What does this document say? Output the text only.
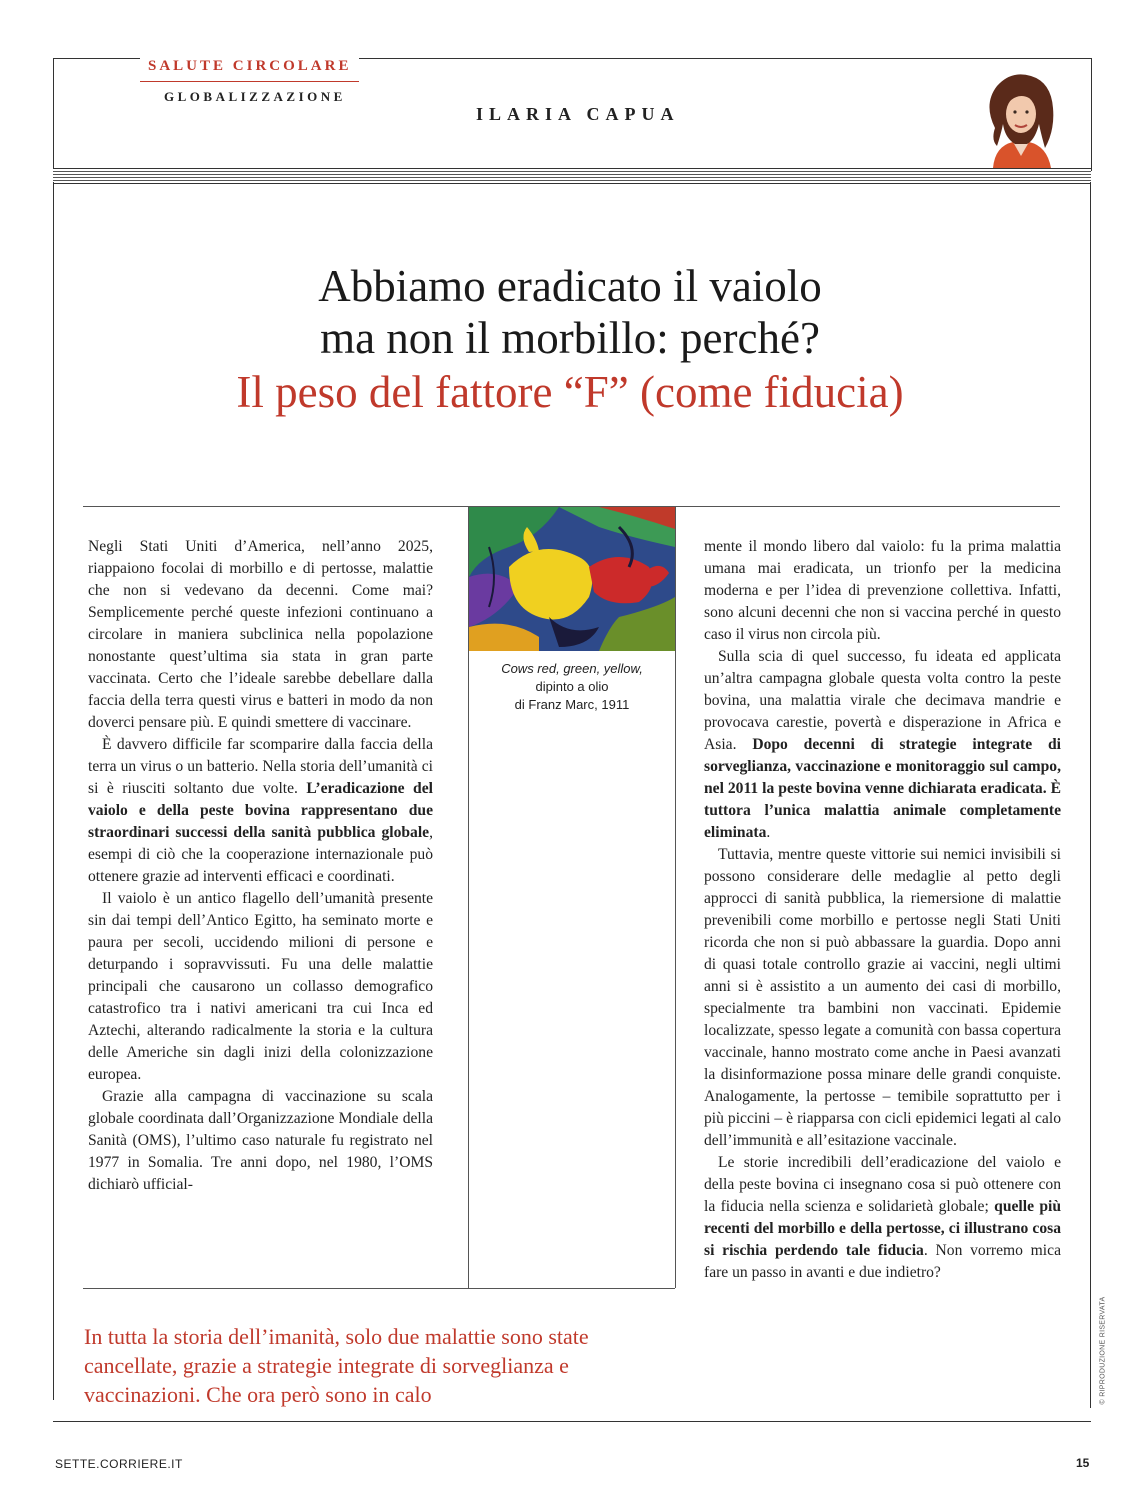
SALUTE CIRCOLARE
GLOBALIZZAZIONE
ILARIA CAPUA
Abbiamo eradicato il vaiolo
ma non il morbillo: perché?
Il peso del fattore “F” (come fiducia)

Negli Stati Uniti d’America, nell’anno 2025, riappaiono focolai di morbillo e di pertosse, malattie che non si vedevano da decenni. Come mai? Semplicemente perché queste infezioni continuano a circolare in maniera subclinica nella popolazione nonostante quest’ultima sia stata in gran parte vaccinata. Certo che l’ideale sarebbe debellare dalla faccia della terra questi virus e batteri in modo da non doverci pensare più. E quindi smettere di vaccinare.

È davvero difficile far scomparire dalla faccia della terra un virus o un batterio. Nella storia dell’umanità ci si è riusciti soltanto due volte. L’eradicazione del vaiolo e della peste bovina rappresentano due straordinari successi della sanità pubblica globale, esempi di ciò che la cooperazione internazionale può ottenere grazie ad interventi efficaci e coordinati.

Il vaiolo è un antico flagello dell’umanità presente sin dai tempi dell’Antico Egitto, ha seminato morte e paura per secoli, uccidendo milioni di persone e deturpando i sopravvissuti. Fu una delle malattie principali che causarono un collasso demografico catastrofico tra i nativi americani tra cui Inca ed Aztechi, alterando radicalmente la storia e la cultura delle Americhe sin dagli inizi della colonizzazione europea.

Grazie alla campagna di vaccinazione su scala globale coordinata dall’Organizzazione Mondiale della Sanità (OMS), l’ultimo caso naturale fu registrato nel 1977 in Somalia. Tre anni dopo, nel 1980, l’OMS dichiarò ufficial-

Cows red, green, yellow,
dipinto a olio
di Franz Marc, 1911

mente il mondo libero dal vaiolo: fu la prima malattia umana mai eradicata, un trionfo per la medicina moderna e per l’idea di prevenzione collettiva. Infatti, sono alcuni decenni che non si vaccina perché in questo caso il virus non circola più.

Sulla scia di quel successo, fu ideata ed applicata un’altra campagna globale questa volta contro la peste bovina, una malattia virale che decimava mandrie e provocava carestie, povertà e disperazione in Africa e Asia. Dopo decenni di strategie integrate di sorveglianza, vaccinazione e monitoraggio sul campo, nel 2011 la peste bovina venne dichiarata eradicata. È tuttora l’unica malattia animale completamente eliminata.

Tuttavia, mentre queste vittorie sui nemici invisibili si possono considerare delle medaglie al petto degli approcci di sanità pubblica, la riemersione di malattie prevenibili come morbillo e pertosse negli Stati Uniti ricorda che non si può abbassare la guardia. Dopo anni di quasi totale controllo grazie ai vaccini, negli ultimi anni si è assistito a un aumento dei casi di morbillo, specialmente tra bambini non vaccinati. Epidemie localizzate, spesso legate a comunità con bassa copertura vaccinale, hanno mostrato come anche in Paesi avanzati la disinformazione possa minare delle grandi conquiste. Analogamente, la pertosse – temibile soprattutto per i più piccini – è riapparsa con cicli epidemici legati al calo dell’immunità e all’esitazione vaccinale.

Le storie incredibili dell’eradicazione del vaiolo e della peste bovina ci insegnano cosa si può ottenere con la fiducia nella scienza e solidarietà globale; quelle più recenti del morbillo e della pertosse, ci illustrano cosa si rischia perdendo tale fiducia. Non vorremo mica fare un passo in avanti e due indietro?

In tutta la storia dell’imanità, solo due malattie sono state cancellate, grazie a strategie integrate di sorveglianza e vaccinazioni. Che ora però sono in calo	© RIPRODUZIONE RISERVATA
SETTE.CORRIERE.IT	15
